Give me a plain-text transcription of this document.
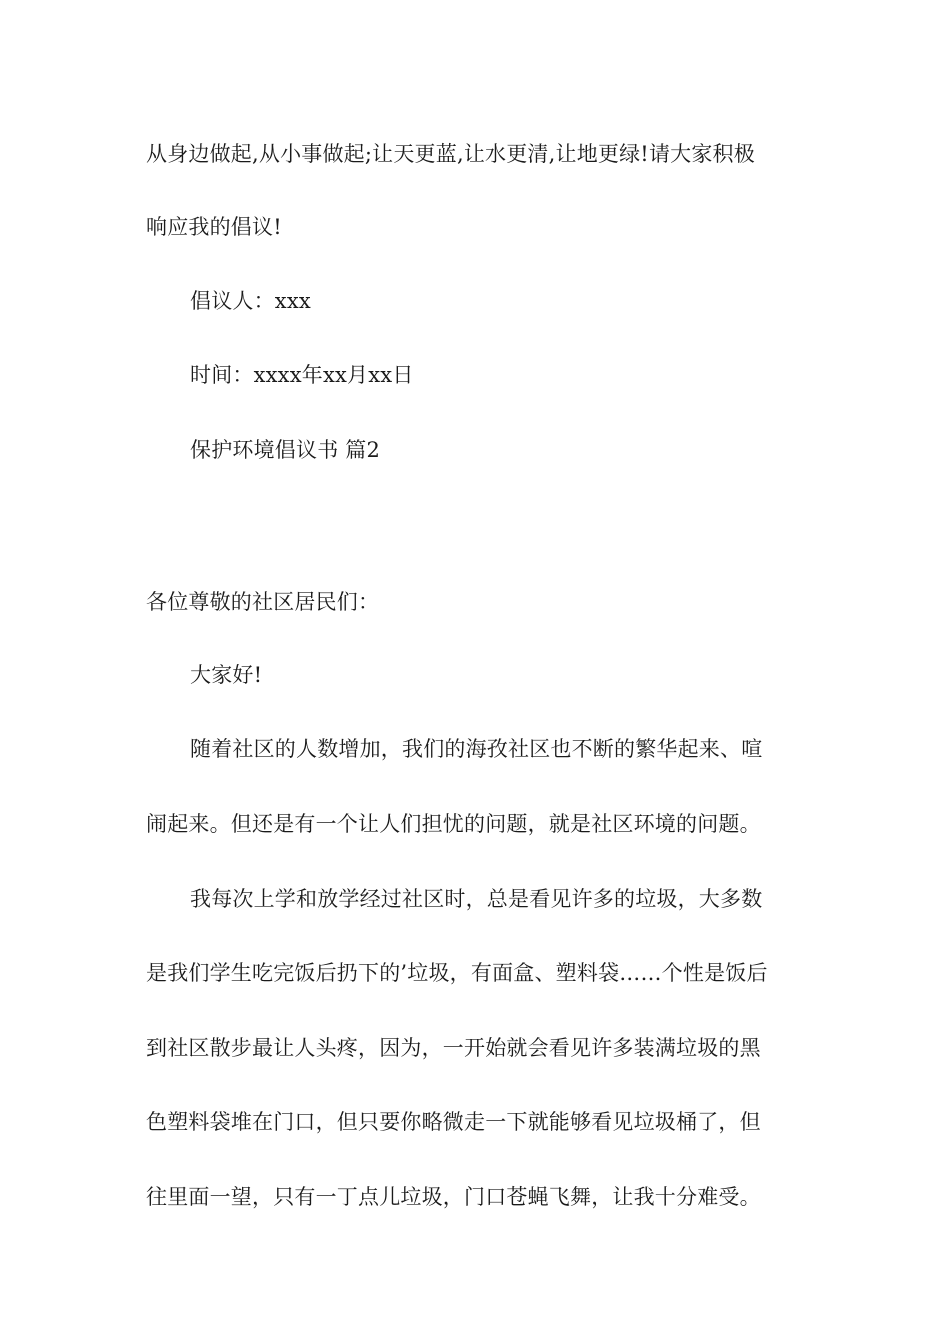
从身边做起,从小事做起;让天更蓝,让水更清,让地更绿!请大家积极
响应我的倡议!
倡议人：xxx
时间：xxxx年xx月xx日
保护环境倡议书 篇2
各位尊敬的社区居民们：
大家好!
随着社区的人数增加，我们的海孜社区也不断的繁华起来、喧
闹起来。但还是有一个让人们担忧的问题，就是社区环境的问题。
我每次上学和放学经过社区时，总是看见许多的垃圾，大多数
是我们学生吃完饭后扔下的’垃圾，有面盒、塑料袋……个性是饭后
到社区散步最让人头疼，因为，一开始就会看见许多装满垃圾的黑
色塑料袋堆在门口，但只要你略微走一下就能够看见垃圾桶了，但
往里面一望，只有一丁点儿垃圾，门口苍蝇飞舞，让我十分难受。
